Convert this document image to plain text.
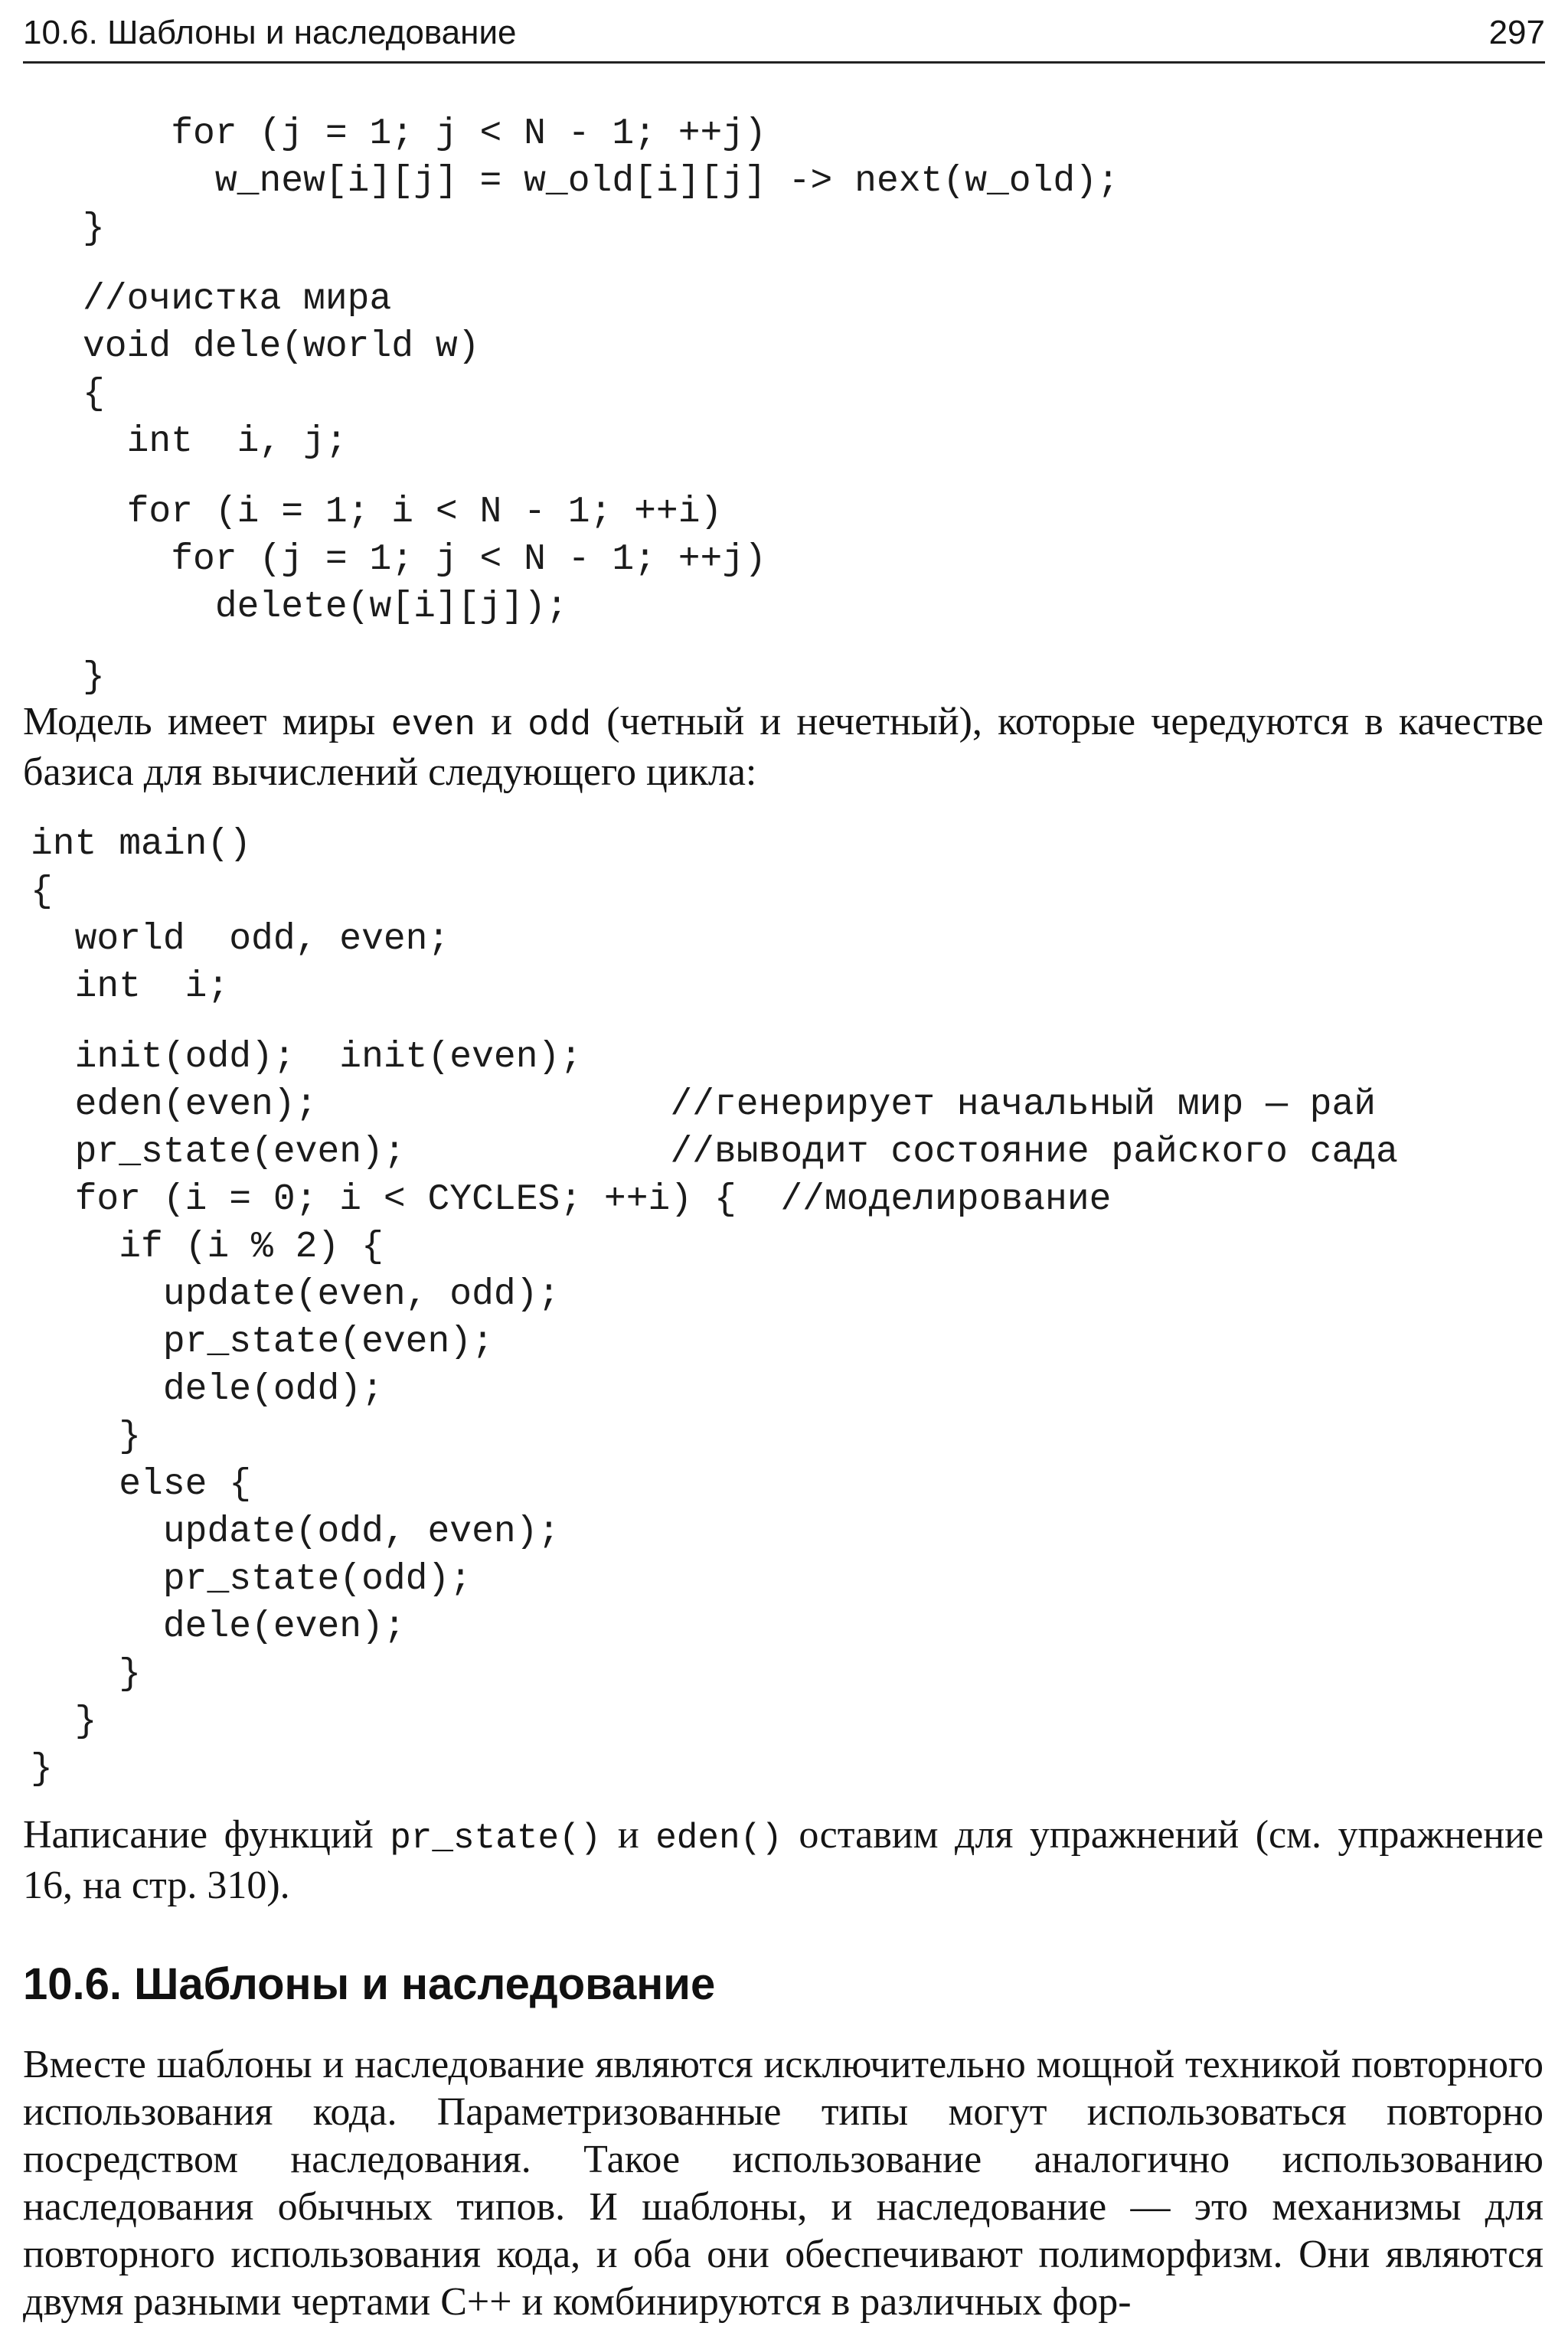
10.6. Шаблоны и наследование	297
for (j = 1; j < N - 1; ++j)
w_new[i][j] = w_old[i][j] -> next(w_old);
}
//очистка мира
void dele(world w)
{
int  i, j;
for (i = 1; i < N - 1; ++i)
for (j = 1; j < N - 1; ++j)
delete(w[i][j]);
}
Модель имеет миры even и odd (четный и нечетный), которые чередуются в качестве базиса для вычислений следующего цикла:
int main()
{
world  odd, even;
int  i;
init(odd);  init(even);
eden(even);                //генерирует начальный мир — рай
pr_state(even);            //выводит состояние райского сада
for (i = 0; i < CYCLES; ++i) {  //моделирование
if (i % 2) {
update(even, odd);
pr_state(even);
dele(odd);
}
else {
update(odd, even);
pr_state(odd);
dele(even);
}
}
}
Написание функций pr_state() и eden() оставим для упражнений (см. упражнение 16, на стр. 310).
10.6. Шаблоны и наследование
Вместе шаблоны и наследование являются исключительно мощной техникой повторного использования кода. Параметризованные типы могут использоваться повторно посредством наследования. Такое использование аналогично использованию наследования обычных типов. И шаблоны, и наследование — это механизмы для повторного использования кода, и оба они обеспечивают полиморфизм. Они являются двумя разными чертами C++ и комбинируются в различных фор-
